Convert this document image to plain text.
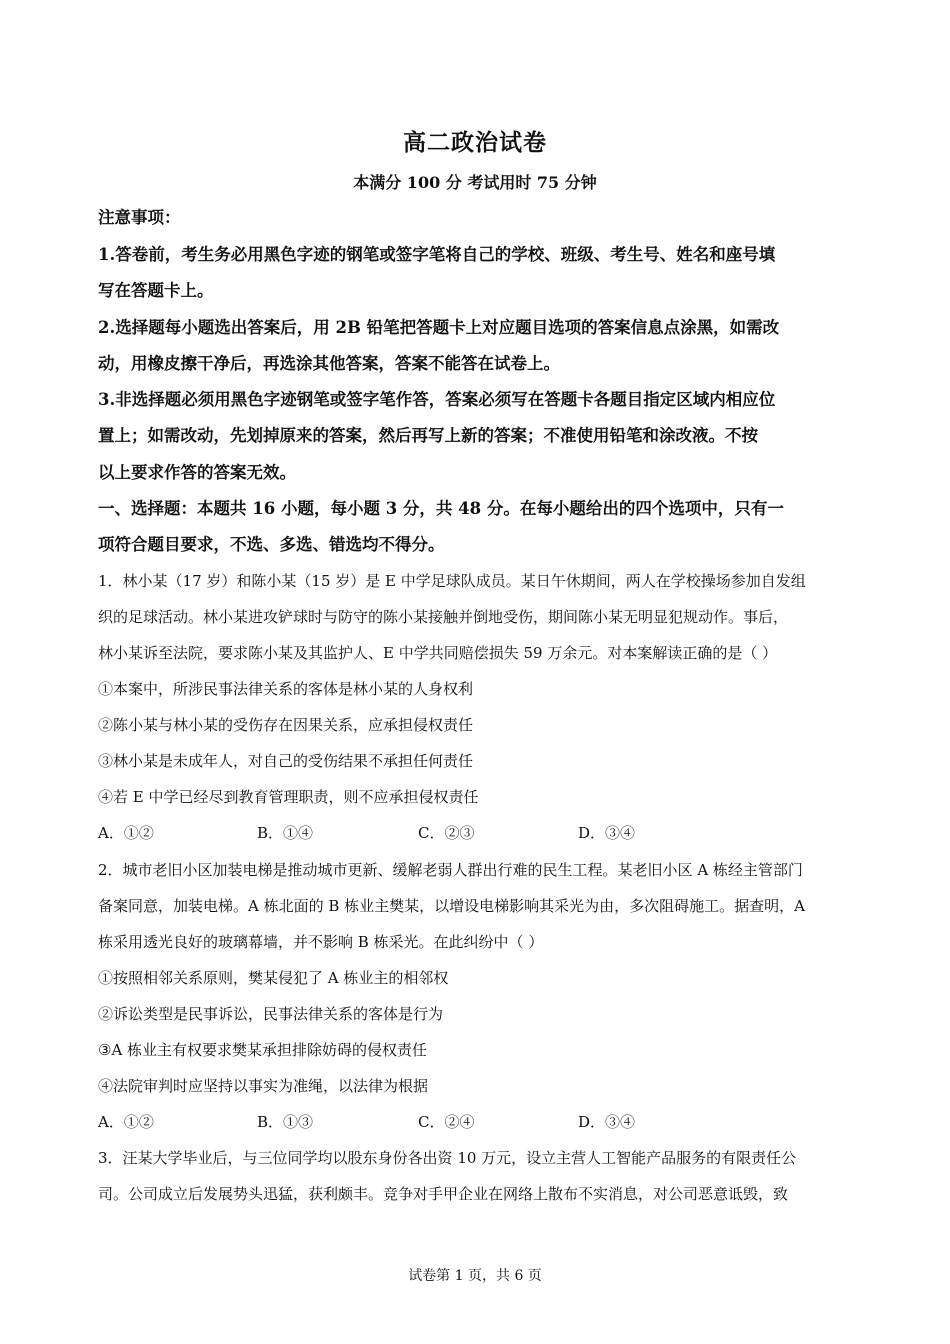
高二政治试卷
本满分 100 分 考试用时 75 分钟
注意事项：
1.答卷前，考生务必用黑色字迹的钢笔或签字笔将自己的学校、班级、考生号、姓名和座号填
写在答题卡上。
2.选择题每小题选出答案后，用 2B 铅笔把答题卡上对应题目选项的答案信息点涂黑，如需改
动，用橡皮擦干净后，再选涂其他答案，答案不能答在试卷上。
3.非选择题必须用黑色字迹钢笔或签字笔作答，答案必须写在答题卡各题目指定区域内相应位
置上；如需改动，先划掉原来的答案，然后再写上新的答案；不准使用铅笔和涂改液。不按
以上要求作答的答案无效。
一、选择题：本题共 16 小题，每小题 3 分，共 48 分。在每小题给出的四个选项中，只有一
项符合题目要求，不选、多选、错选均不得分。
1．林小某（17 岁）和陈小某（15 岁）是 E 中学足球队成员。某日午休期间，两人在学校操场参加自发组
织的足球活动。林小某进攻铲球时与防守的陈小某接触并倒地受伤，期间陈小某无明显犯规动作。事后，
林小某诉至法院，要求陈小某及其监护人、E 中学共同赔偿损失 59 万余元。对本案解读正确的是（ ）
①本案中，所涉民事法律关系的客体是林小某的人身权利
②陈小某与林小某的受伤存在因果关系，应承担侵权责任
③林小某是未成年人，对自己的受伤结果不承担任何责任
④若 E 中学已经尽到教育管理职责，则不应承担侵权责任
A．①②	B．①④	C．②③	D．③④
2．城市老旧小区加装电梯是推动城市更新、缓解老弱人群出行难的民生工程。某老旧小区 A 栋经主管部门
备案同意，加装电梯。A 栋北面的 B 栋业主樊某，以增设电梯影响其采光为由，多次阻碍施工。据查明，A
栋采用透光良好的玻璃幕墙，并不影响 B 栋采光。在此纠纷中（ ）
①按照相邻关系原则，樊某侵犯了 A 栋业主的相邻权
②诉讼类型是民事诉讼，民事法律关系的客体是行为
③A 栋业主有权要求樊某承担排除妨碍的侵权责任
④法院审判时应坚持以事实为准绳，以法律为根据
A．①②	B．①③	C．②④	D．③④
3．汪某大学毕业后，与三位同学均以股东身份各出资 10 万元，设立主营人工智能产品服务的有限责任公
司。公司成立后发展势头迅猛，获利颇丰。竞争对手甲企业在网络上散布不实消息，对公司恶意诋毁，致
试卷第 1 页，共 6 页
